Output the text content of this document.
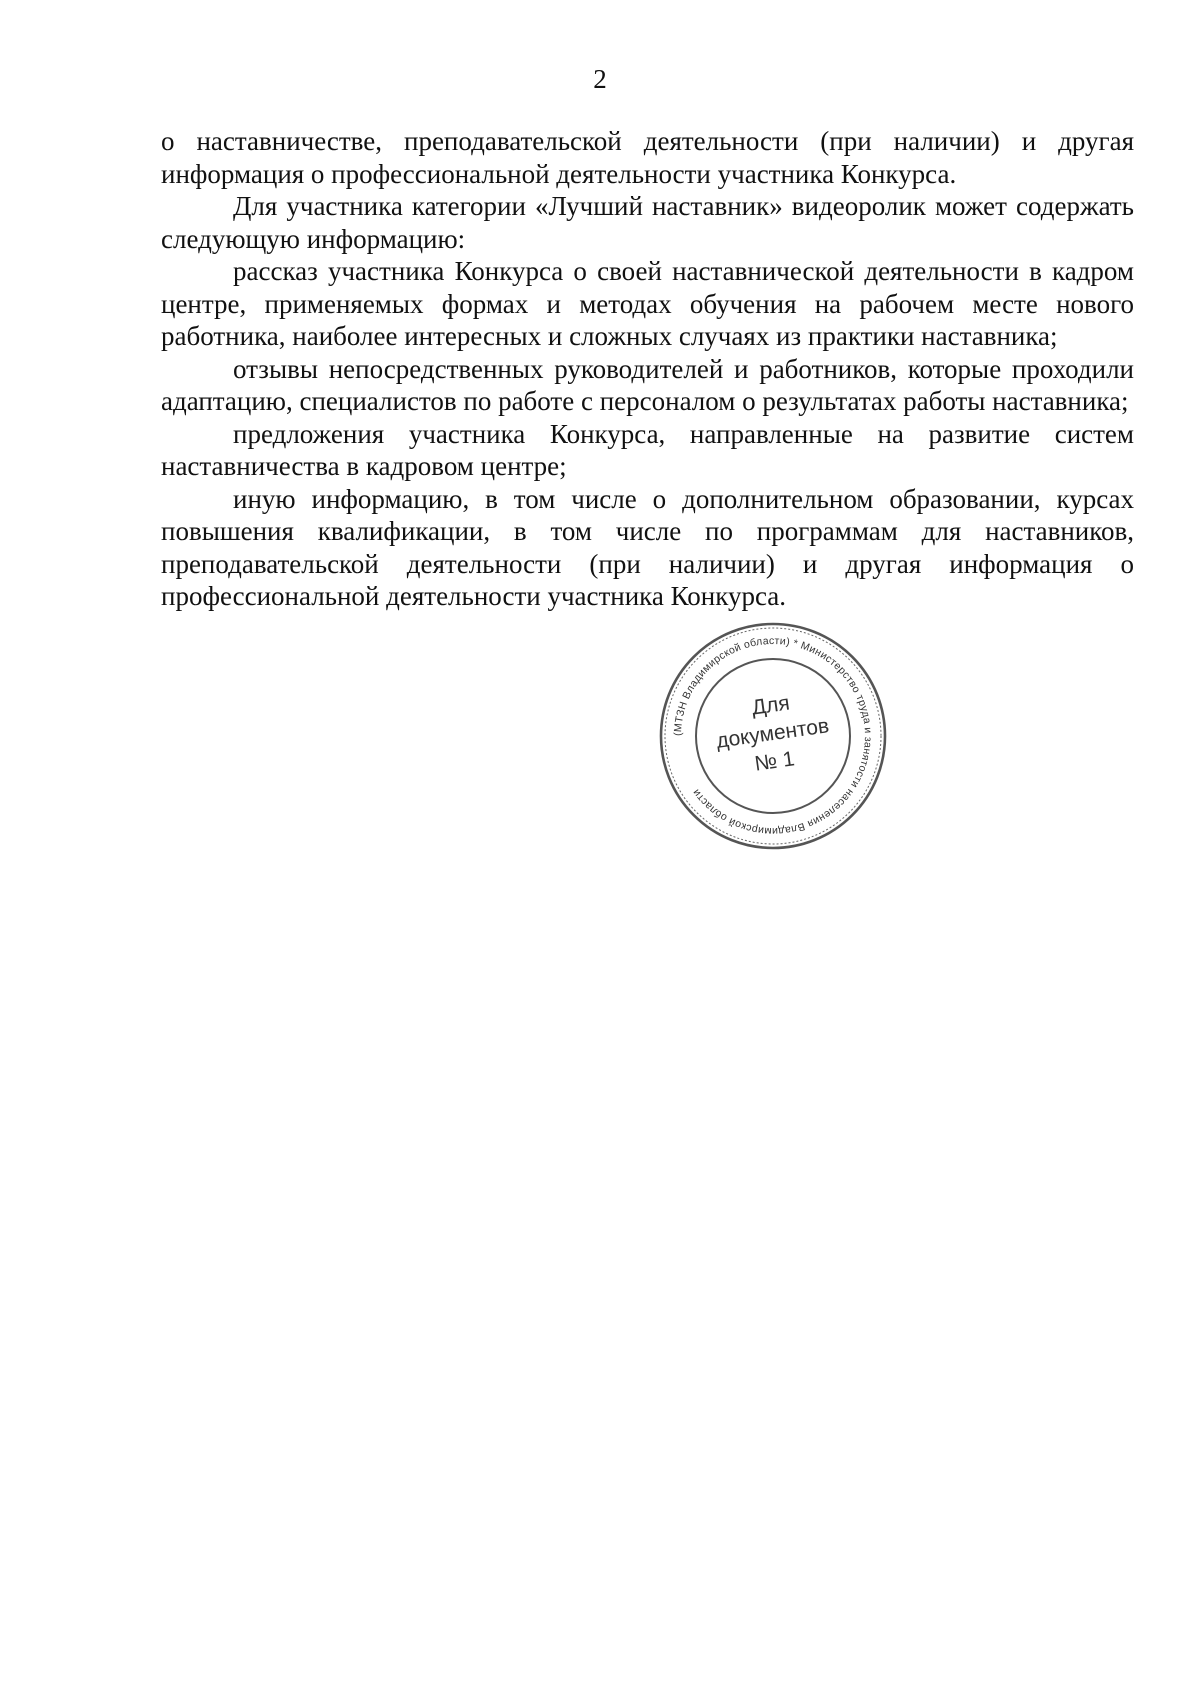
2

о наставничестве, преподавательской деятельности (при наличии) и другая информация о профессиональной деятельности участника Конкурса.

Для участника категории «Лучший наставник» видеоролик может содержать следующую информацию:

рассказ участника Конкурса о своей наставнической деятельности в кадром центре, применяемых формах и методах обучения на рабочем месте нового работника, наиболее интересных и сложных случаях из практики наставника;

отзывы непосредственных руководителей и работников, которые проходили адаптацию, специалистов по работе с персоналом о результатах работы наставника;

предложения участника Конкурса, направленные на развитие систем наставничества в кадровом центре;

иную информацию, в том числе о дополнительном образовании, курсах повышения квалификации, в том числе по программам для наставников, преподавательской деятельности (при наличии) и другая информация о профессиональной деятельности участника Конкурса.

(МТЗН Владимирской области) * Министерство труда и занятости населения Владимирской области
Для
документов
№ 1
